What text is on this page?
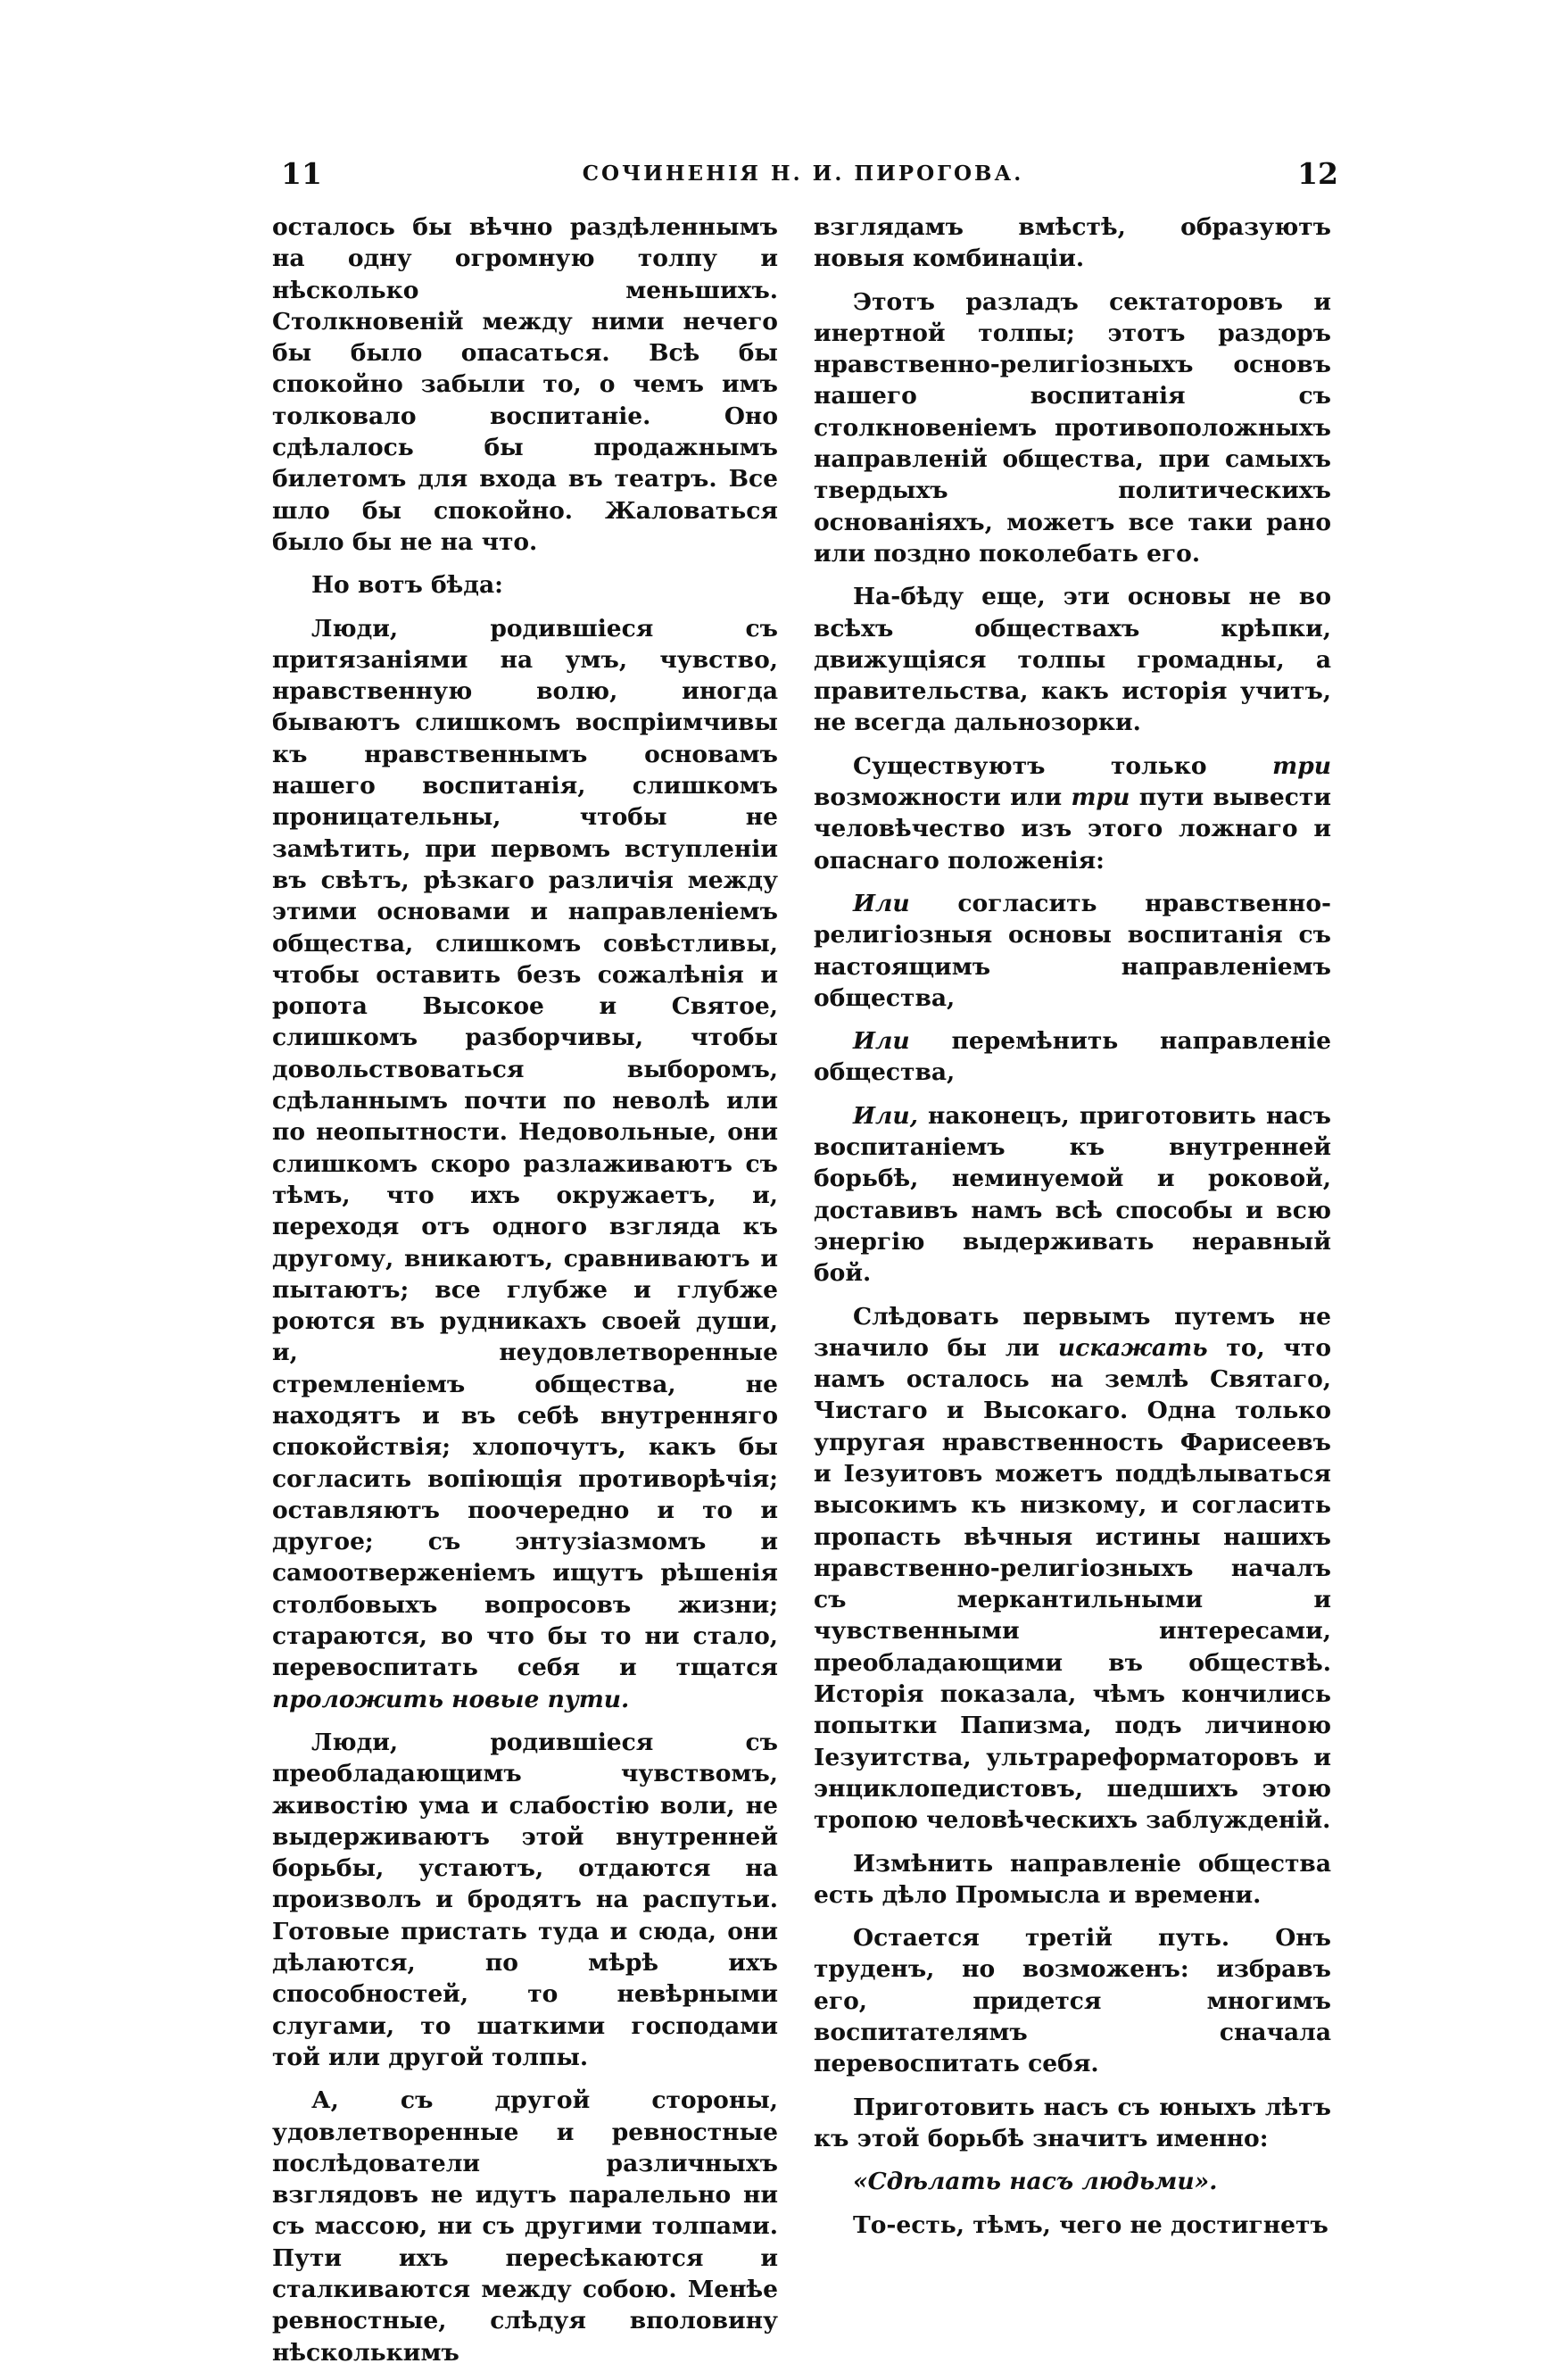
11	СОЧИНЕНІЯ Н. И. ПИРОГОВА.	12

осталось бы вѣчно раздѣленнымъ на одну огромную толпу и нѣсколько меньшихъ. Столкновеній между ними нечего бы было опасаться. Всѣ бы спокойно забыли то, о чемъ имъ толковало воспитаніе. Оно сдѣлалось бы продажнымъ билетомъ для входа въ театръ. Все шло бы спокойно. Жаловаться было бы не на что.

Но вотъ бѣда:

Люди, родившіеся съ притязаніями на умъ, чувство, нравственную волю, иногда бываютъ слишкомъ воспріимчивы къ нравственнымъ основамъ нашего воспитанія, слишкомъ проницательны, чтобы не замѣтить, при первомъ вступленіи въ свѣтъ, рѣзкаго различія между этими основами и направленіемъ общества, слишкомъ совѣстливы, чтобы оставить безъ сожалѣнія и ропота Высокое и Святое, слишкомъ разборчивы, чтобы довольствоваться выборомъ, сдѣланнымъ почти по неволѣ или по неопытности. Недовольные, они слишкомъ скоро разлаживаютъ съ тѣмъ, что ихъ окружаетъ, и, переходя отъ одного взгляда къ другому, вникаютъ, сравниваютъ и пытаютъ; все глубже и глубже роются въ рудникахъ своей души, и, неудовлетворенные стремленіемъ общества, не находятъ и въ себѣ внутренняго спокойствія; хлопочутъ, какъ бы согласить вопіющія противорѣчія; оставляютъ поочередно и то и другое; съ энтузіазмомъ и самоотверженіемъ ищутъ рѣшенія столбовыхъ вопросовъ жизни; стараются, во что бы то ни стало, перевоспитать себя и тщатся проложить новые пути.

Люди, родившіеся съ преобладающимъ чувствомъ, живостію ума и слабостію воли, не выдерживаютъ этой внутренней борьбы, устаютъ, отдаются на произволъ и бродятъ на распутьи. Готовые пристать туда и сюда, они дѣлаются, по мѣрѣ ихъ способностей, то невѣрными слугами, то шаткими господами той или другой толпы.

А, съ другой стороны, удовлетворенные и ревностные послѣдователи различныхъ взглядовъ не идутъ паралельно ни съ массою, ни съ другими толпами. Пути ихъ пересѣкаются и сталкиваются между собою. Менѣе ревностные, слѣдуя вполовину нѣсколькимъ

взглядамъ вмѣстѣ, образуютъ новыя комбинаціи.

Этотъ разладъ сектаторовъ и инертной толпы; этотъ раздоръ нравственно-религіозныхъ основъ нашего воспитанія съ столкновеніемъ противоположныхъ направленій общества, при самыхъ твердыхъ политическихъ основаніяхъ, можетъ все таки рано или поздно поколебать его.

На-бѣду еще, эти основы не во всѣхъ обществахъ крѣпки, движущіяся толпы громадны, а правительства, какъ исторія учитъ, не всегда дальнозорки.

Существуютъ только три возможности или три пути вывести человѣчество изъ этого ложнаго и опаснаго положенія:

Или согласить нравственно-религіозныя основы воспитанія съ настоящимъ направленіемъ общества,

Или перемѣнить направленіе общества,

Или, наконецъ, приготовить насъ воспитаніемъ къ внутренней борьбѣ, неминуемой и роковой, доставивъ намъ всѣ способы и всю энергію выдерживать неравный бой.

Слѣдовать первымъ путемъ не значило бы ли искажать то, что намъ осталось на землѣ Святаго, Чистаго и Высокаго. Одна только упругая нравственность Фарисеевъ и Іезуитовъ можетъ поддѣлываться высокимъ къ низкому, и согласить пропасть вѣчныя истины нашихъ нравственно-религіозныхъ началъ съ меркантильными и чувственными интересами, преобладающими въ обществѣ. Исторія показала, чѣмъ кончились попытки Папизма, подъ личиною Іезуитства, ультрареформаторовъ и энциклопедистовъ, шедшихъ этою тропою человѣческихъ заблужденій.

Измѣнить направленіе общества есть дѣло Промысла и времени.

Остается третій путь. Онъ труденъ, но возможенъ: избравъ его, придется многимъ воспитателямъ сначала перевоспитать себя.

Приготовить насъ съ юныхъ лѣтъ къ этой борьбѣ значитъ именно:

«Сдѣлать насъ людьми».

То-есть, тѣмъ, чего не достигнетъ
